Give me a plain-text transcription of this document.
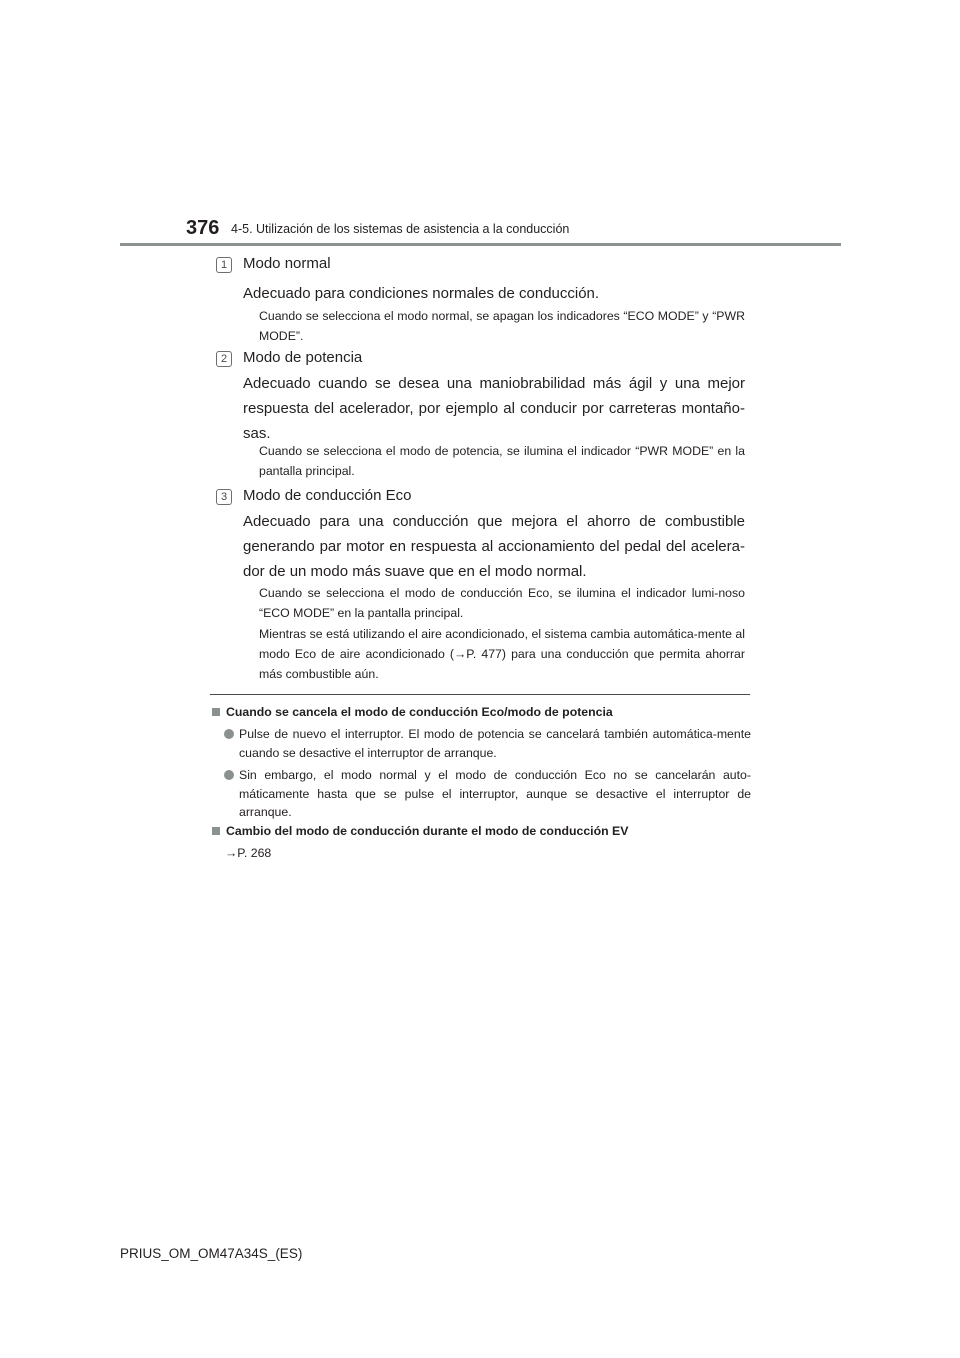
376 4-5. Utilización de los sistemas de asistencia a la conducción
1	Modo normal
Adecuado para condiciones normales de conducción.
Cuando se selecciona el modo normal, se apagan los indicadores “ECO MODE” y “PWR MODE”.
2	Modo de potencia
Adecuado cuando se desea una maniobrabilidad más ágil y una mejor respuesta del acelerador, por ejemplo al conducir por carreteras montaño-sas.
Cuando se selecciona el modo de potencia, se ilumina el indicador “PWR MODE” en la pantalla principal.
3	Modo de conducción Eco
Adecuado para una conducción que mejora el ahorro de combustible generando par motor en respuesta al accionamiento del pedal del acelera-dor de un modo más suave que en el modo normal.
Cuando se selecciona el modo de conducción Eco, se ilumina el indicador lumi-noso “ECO MODE” en la pantalla principal.
Mientras se está utilizando el aire acondicionado, el sistema cambia automática-mente al modo Eco de aire acondicionado (→P. 477) para una conducción que permita ahorrar más combustible aún.
Cuando se cancela el modo de conducción Eco/modo de potencia
Pulse de nuevo el interruptor. El modo de potencia se cancelará también automática-mente cuando se desactive el interruptor de arranque.
Sin embargo, el modo normal y el modo de conducción Eco no se cancelarán auto-máticamente hasta que se pulse el interruptor, aunque se desactive el interruptor de arranque.
Cambio del modo de conducción durante el modo de conducción EV
→P. 268
PRIUS_OM_OM47A34S_(ES)
